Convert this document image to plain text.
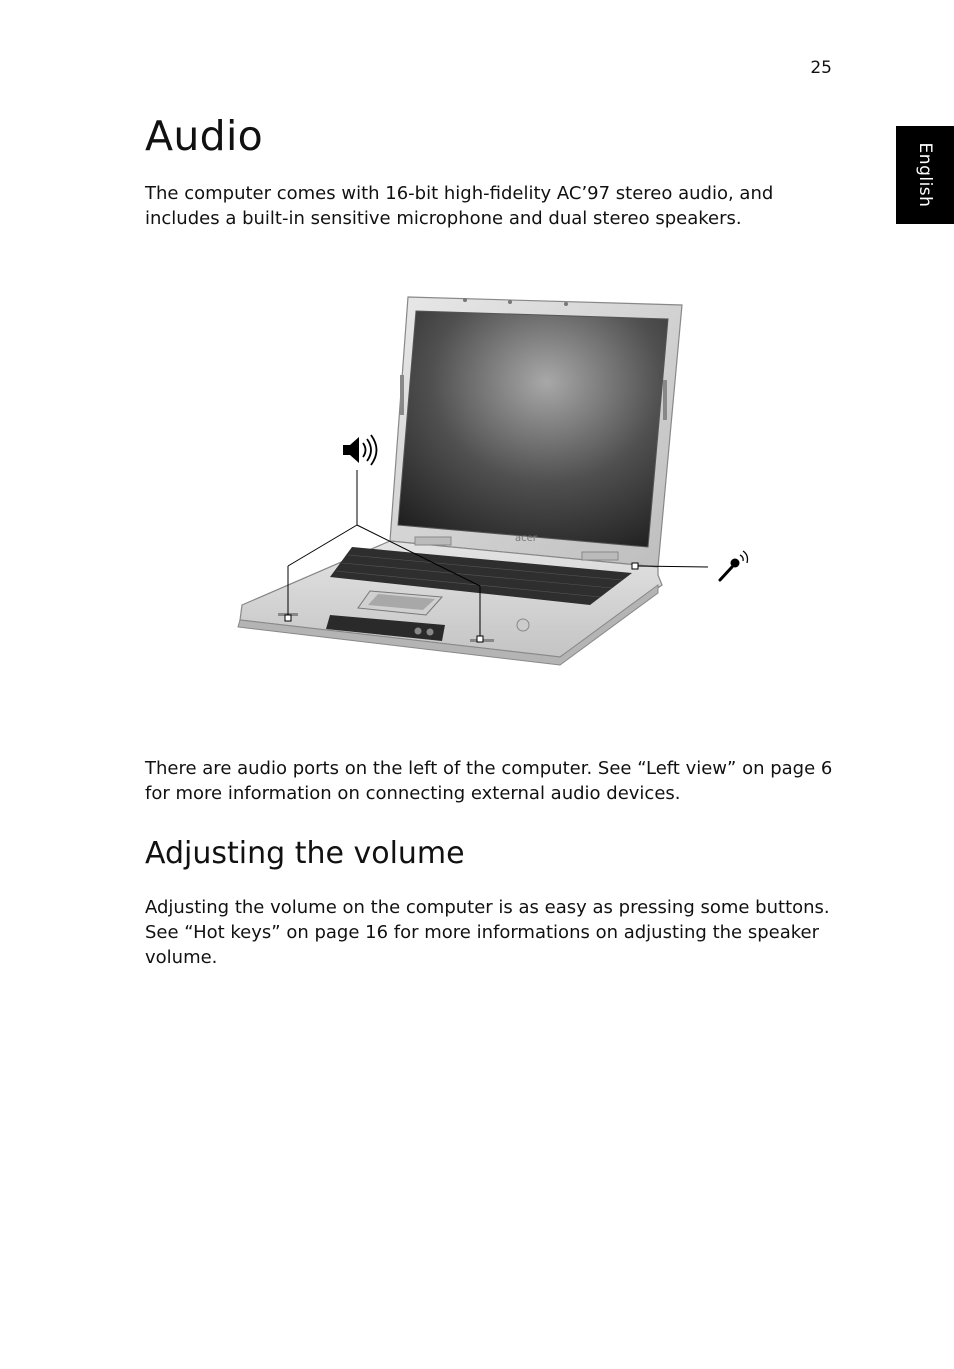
25
English
Audio

The computer comes with 16-bit high-fidelity AC’97 stereo audio, and includes a built-in sensitive microphone and dual stereo speakers.

acer

There are audio ports on the left of the computer. See “Left view” on page 6 for more information on connecting external audio devices.

Adjusting the volume

Adjusting the volume on the computer is as easy as pressing some buttons. See “Hot keys” on page 16 for more informations on adjusting the speaker volume.
